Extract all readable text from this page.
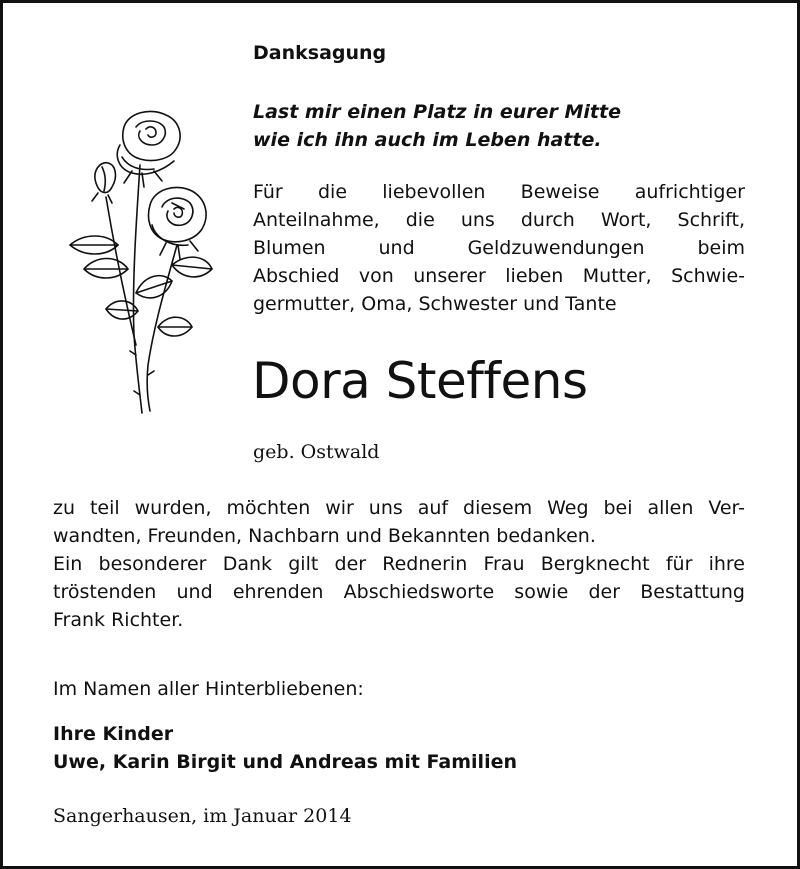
Danksagung
Last mir einen Platz in eurer Mitte
wie ich ihn auch im Leben hatte.
Für die liebevollen Beweise aufrichtiger
Anteilnahme, die uns durch Wort, Schrift,
Blumen und Geldzuwendungen beim
Abschied von unserer lieben Mutter, Schwie-
germutter, Oma, Schwester und Tante
Dora Steffens
geb. Ostwald
zu teil wurden, möchten wir uns auf diesem Weg bei allen Ver-
wandten, Freunden, Nachbarn und Bekannten bedanken.
Ein besonderer Dank gilt der Rednerin Frau Bergknecht für ihre
tröstenden und ehrenden Abschiedsworte sowie der Bestattung
Frank Richter.
Im Namen aller Hinterbliebenen:
Ihre Kinder
Uwe, Karin Birgit und Andreas mit Familien
Sangerhausen, im Januar 2014
